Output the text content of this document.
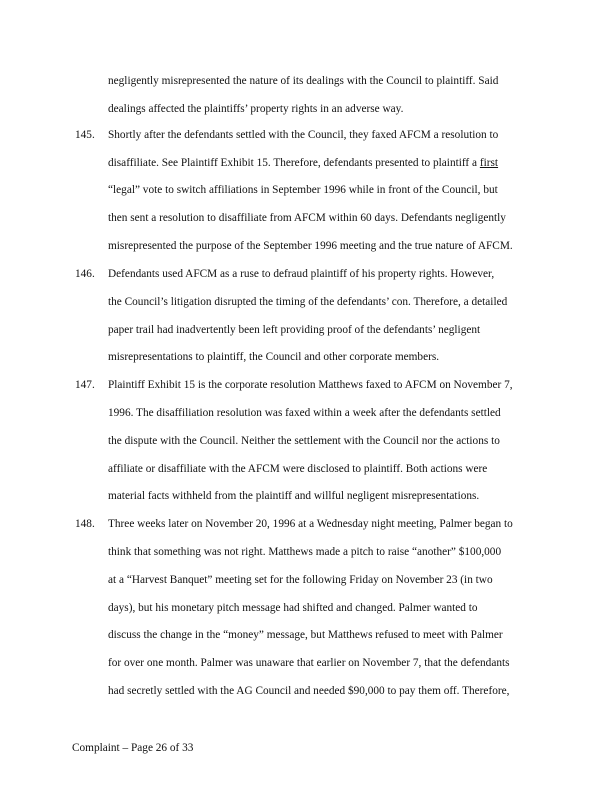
negligently misrepresented the nature of its dealings with the Council to plaintiff. Said
dealings affected the plaintiffs’ property rights in an adverse way.
145. Shortly after the defendants settled with the Council, they faxed AFCM a resolution to
disaffiliate. See Plaintiff Exhibit 15. Therefore, defendants presented to plaintiff a first
“legal” vote to switch affiliations in September 1996 while in front of the Council, but
then sent a resolution to disaffiliate from AFCM within 60 days. Defendants negligently
misrepresented the purpose of the September 1996 meeting and the true nature of AFCM.
146. Defendants used AFCM as a ruse to defraud plaintiff of his property rights. However,
the Council’s litigation disrupted the timing of the defendants’ con. Therefore, a detailed
paper trail had inadvertently been left providing proof of the defendants’ negligent
misrepresentations to plaintiff, the Council and other corporate members.
147. Plaintiff Exhibit 15 is the corporate resolution Matthews faxed to AFCM on November 7,
1996. The disaffiliation resolution was faxed within a week after the defendants settled
the dispute with the Council. Neither the settlement with the Council nor the actions to
affiliate or disaffiliate with the AFCM were disclosed to plaintiff. Both actions were
material facts withheld from the plaintiff and willful negligent misrepresentations.
148. Three weeks later on November 20, 1996 at a Wednesday night meeting, Palmer began to
think that something was not right. Matthews made a pitch to raise “another” $100,000
at a “Harvest Banquet” meeting set for the following Friday on November 23 (in two
days), but his monetary pitch message had shifted and changed. Palmer wanted to
discuss the change in the “money” message, but Matthews refused to meet with Palmer
for over one month. Palmer was unaware that earlier on November 7, that the defendants
had secretly settled with the AG Council and needed $90,000 to pay them off. Therefore,
Complaint – Page 26 of 33
